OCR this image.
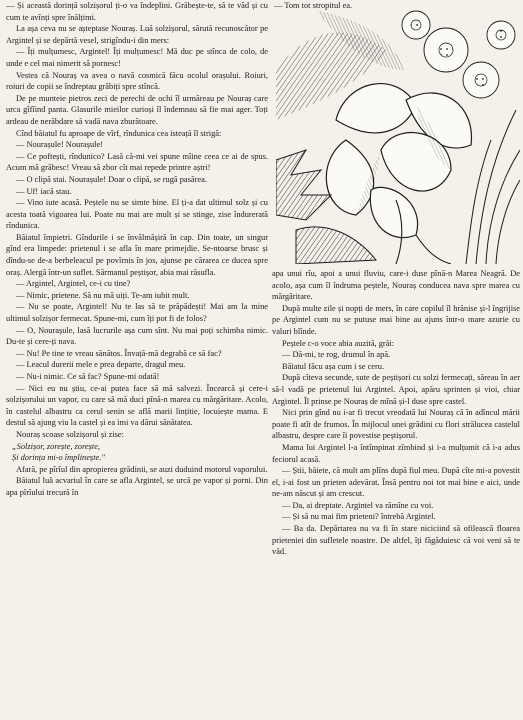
— Și această dorință solzișorul ți-o va îndeplini. Grăbește-te, să te văd și cu cum te avînți spre înălțimi.

La așa ceva nu se așteptase Nouraș. Luă solzișorul, sărută recunoscător pe Argintel și se depărtă vesel, strigîndu-i din mers:

— Îți mulțumesc, Argintel! Îți mulțumesc! Mă duc pe stînca de colo, de unde e cel mai nimerit să pornesc!

Vestea că Nouraș va avea o navă cosmică făcu ocolul orașului. Roiuri, roiuri de copii se îndreptau grăbiți spre stîncă.

De pe munteie pietros zeci de perechi de ochi îl urmăreau pe Nouraș care urca gîfîind panta. Glasurile mieilor curioși îl îndemnau să fie mai ager. Toți ardeau de nerăbdare să vadă nava zburătoare.

Cînd băiatul fu aproape de vîrf, rîndunica cea isteață îl strigă:

— Nourașule! Nourașule!

— Ce poftești, rîndunico? Lasă că-mi vei spune mîine ceea ce ai de spus. Acum mă grăbesc! Vreau să zbor cît mai repede printre aștri!

— O clipă stai. Nourașule! Doar o clipă, se rugă pasărea.

— Uf! iacă stau.

— Vino iute acasă. Peștele nu se simte bine. El ți-a dat ultimul solz și cu acesta toată vigoarea lui. Poate nu mai are mult și se stinge, zise îndurerată rîndunica.

Băiatul împietri. Gîndurile i se învălmășiră în cap. Din toate, un singur gînd era limpede: prietenul i se afla în mare primejdie. Se-ntoarse brusc și dîndu-se de-a berbeleacul pe povîrnis în jos, ajunse pe cărarea ce ducea spre oraș. Alergă într-un suflet. Sărmanul peștișor, abia mai răsufla.

— Argintel, Argintel, ce-i cu tine?

— Nimic, prietene. Să nu mă uiți. Te-am iubit mult.

— Nu se poate, Argintel! Nu te las să te prăpădești! Mai am la mine ultimul solzișor fermecat. Spune-mi, cum îți pot fi de folos?

— O, Nourașule, lasă lucrurile așa cum sînt. Nu mai poți schimba nimic. Du-te și cere-ți nava.

— Nu! Pe tine te vreau sănătos. Învață-mă degrabă ce să fac?

— Leacul durerii mele e prea departe, dragul meu.

— Nu-i nimic. Ce să fac? Spune-mi odată!

— Nici eu nu știu, ce-ai putea face să mă salvezi. Încearcă și cere-i solzișorului un vapor, cu care să mă duci pînă-n marea cu mărgăritare. Acolo, în castelul albastru ca cerul senin se află marii lințitie, locuiește mama. E destul să ajung viu la castel și ea imi va dărui sănătatea.

Nouraș scoase solzișorul și zise:

„Solzișor, zorește, zorește,

Și dorința mi-o împlinește."

Afară, pe pîrîul din apropierea grădinii, se auzi duduind motorul vaporului.

Băiatul luă acvariul în care se afla Argintel, se urcă pe vapor și porni. Din apa pîrîului trecură în

— Tom tot stropitul ea.

apa unui rîu, apoi a unui fluviu, care-i duse pînă-n Marea Neagră. De acolo, așa cum îl îndruma peștele, Nouraș conducea nava spre marea cu mărgăritare.

După multe zile și nopți de mers, în care copilul îl hrănise și-l îngrijise pe Argintel cum nu se putuse mai bine au ajuns într-o mare azurie cu valuri blînde.

Peștele c-o voce abia auzită, grăi:

— Dă-mi, te rog, drumul în apă.

Băiatul făcu așa cum i se ceru.

După cîteva secunde, sute de peștișori cu solzi fermecați, săreau în aer să-l vadă pe prietenul lui Argintel. Apoi, apăru sprinten și vioi, chiar Argintel. Îl prinse pe Nouraș de mînă și-l duse spre castel.

Nici prin gînd nu i-ar fi trecut vreodată lui Nouraș că în adîncul mării poate fi atît de frumos. În mijlocul unei grădini cu flori strălucea castelul albastru, despre care îi povestise peștișorul.

Mama lui Argintel l-a întîmpinat zîmbind și i-a mulțumit că i-a adus feciorul acasă.

— Știi, băiete, că mult am plîns după fiul meu. După cîte mi-a povestit el, i-ai fost un prieten adevărat. Însă pentru noi tot mai bine e aici, unde ne-am născut și am crescut.

— Da, ai dreptate. Argintel va rămîne cu voi.

— Și să nu mai fim prieteni? întrebă Argintel.

— Ba da. Depărtarea nu va fi în stare niciciind să ofilească floarea prieteniei din sufletele noastre. De altfel, îți făgăduiesc că voi veni să te văd.
